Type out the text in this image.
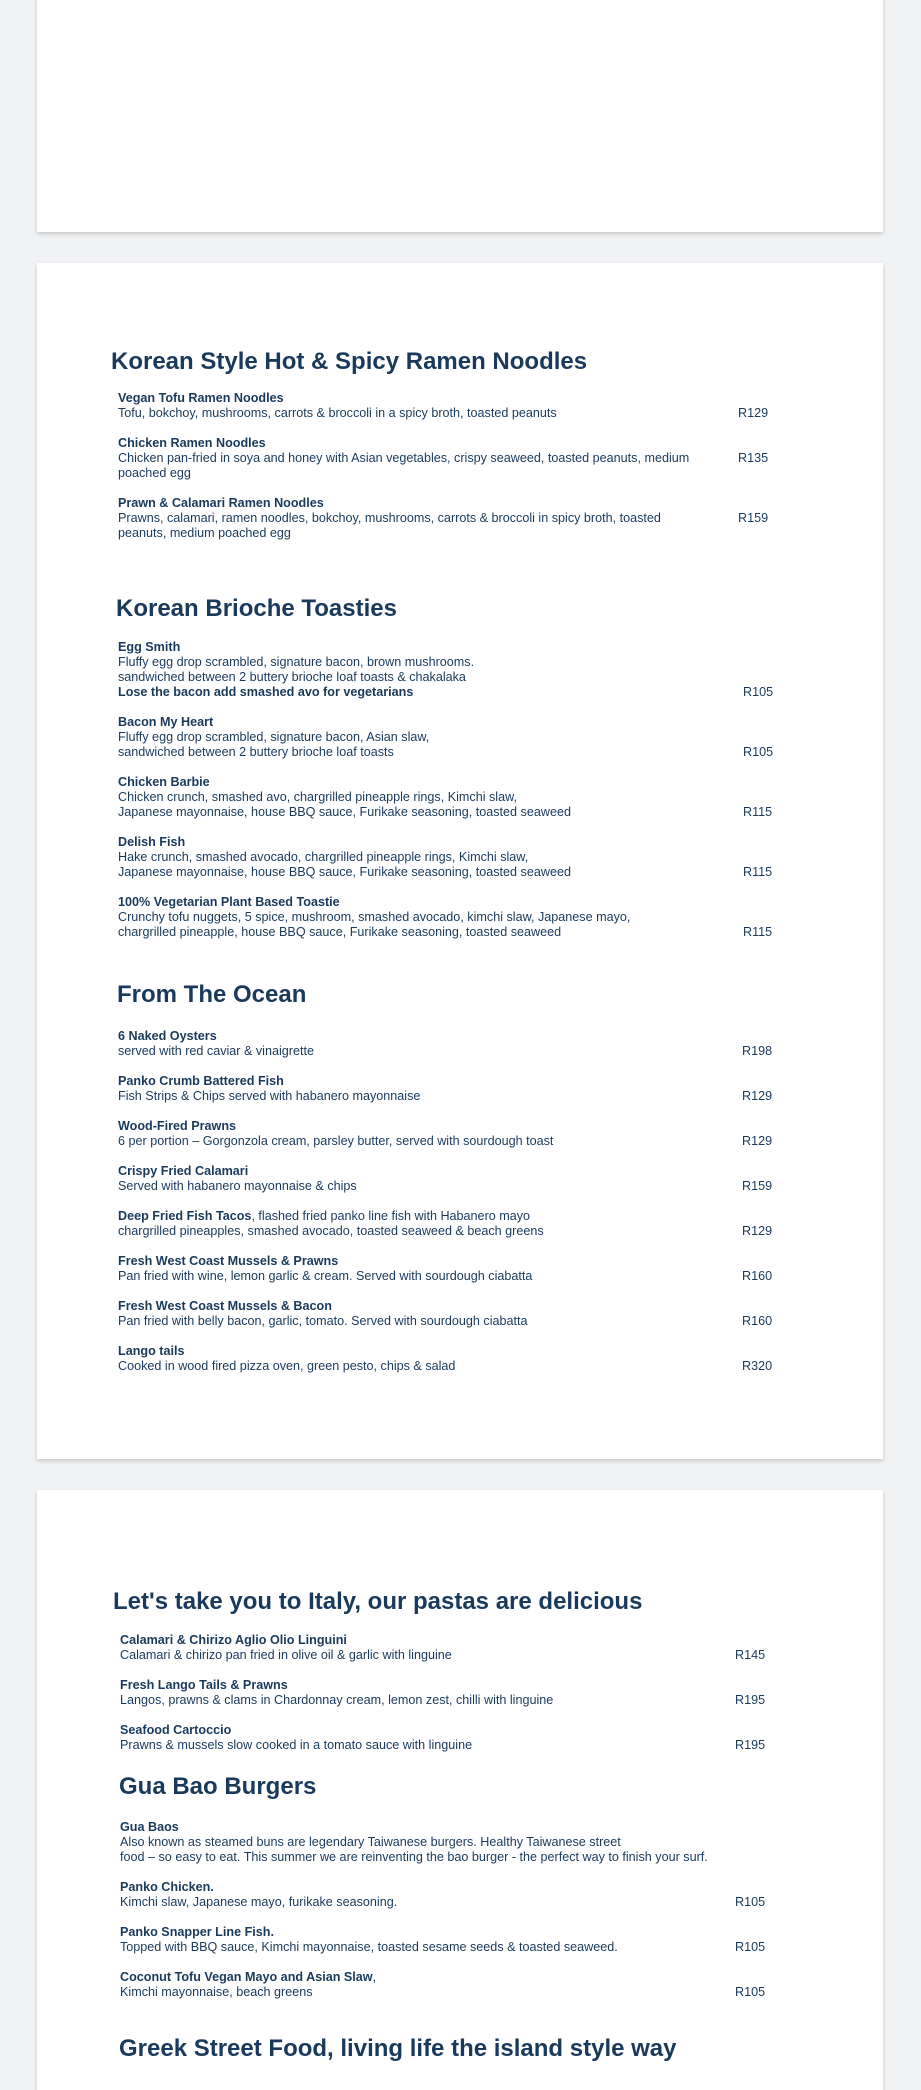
Korean Style Hot & Spicy Ramen Noodles
Vegan Tofu Ramen Noodles
Tofu, bokchoy, mushrooms, carrots & broccoli in a spicy broth, toasted peanuts	R129
Chicken Ramen Noodles
Chicken pan-fried in soya and honey with Asian vegetables, crispy seaweed, toasted peanuts, medium
poached egg
R135
Prawn & Calamari Ramen Noodles
Prawns, calamari, ramen noodles, bokchoy, mushrooms, carrots & broccoli in spicy broth, toasted
peanuts, medium poached egg
R159
Korean Brioche Toasties
Egg Smith
Fluffy egg drop scrambled, signature bacon, brown mushrooms.
sandwiched between 2 buttery brioche loaf toasts & chakalaka
Lose the bacon add smashed avo for vegetarians	R105
Bacon My Heart
Fluffy egg drop scrambled, signature bacon, Asian slaw,
sandwiched between 2 buttery brioche loaf toasts	R105
Chicken Barbie
Chicken crunch, smashed avo, chargrilled pineapple rings, Kimchi slaw,
Japanese mayonnaise, house BBQ sauce, Furikake seasoning, toasted seaweed	R115
Delish Fish
Hake crunch, smashed avocado, chargrilled pineapple rings, Kimchi slaw,
Japanese mayonnaise, house BBQ sauce, Furikake seasoning, toasted seaweed	R115
100% Vegetarian Plant Based Toastie
Crunchy tofu nuggets, 5 spice, mushroom, smashed avocado, kimchi slaw, Japanese mayo,
chargrilled pineapple, house BBQ sauce, Furikake seasoning, toasted seaweed	R115
From The Ocean
6 Naked Oysters
served with red caviar & vinaigrette	R198
Panko Crumb Battered Fish
Fish Strips & Chips served with habanero mayonnaise	R129
Wood-Fired Prawns
6 per portion – Gorgonzola cream, parsley butter, served with sourdough toast	R129
Crispy Fried Calamari
Served with habanero mayonnaise & chips	R159
Deep Fried Fish Tacos, flashed fried panko line fish with Habanero mayo
chargrilled pineapples, smashed avocado, toasted seaweed & beach greens	R129
Fresh West Coast Mussels & Prawns
Pan fried with wine, lemon garlic & cream. Served with sourdough ciabatta	R160
Fresh West Coast Mussels & Bacon
Pan fried with belly bacon, garlic, tomato. Served with sourdough ciabatta	R160
Lango tails
Cooked in wood fired pizza oven, green pesto, chips & salad	R320
Let's take you to Italy, our pastas are delicious
Calamari & Chirizo Aglio Olio Linguini
Calamari & chirizo pan fried in olive oil & garlic with linguine	R145
Fresh Lango Tails & Prawns
Langos, prawns & clams in Chardonnay cream, lemon zest, chilli with linguine	R195
Seafood Cartoccio
Prawns & mussels slow cooked in a tomato sauce with linguine	R195
Gua Bao Burgers
Gua Baos
Also known as steamed buns are legendary Taiwanese burgers. Healthy Taiwanese street
food – so easy to eat. This summer we are reinventing the bao burger - the perfect way to finish your surf.
Panko Chicken.
Kimchi slaw, Japanese mayo, furikake seasoning.	R105
Panko Snapper Line Fish.
Topped with BBQ sauce, Kimchi mayonnaise, toasted sesame seeds & toasted seaweed.	R105
Coconut Tofu Vegan Mayo and Asian Slaw,
Kimchi mayonnaise, beach greens	R105
Greek Street Food, living life the island style way
